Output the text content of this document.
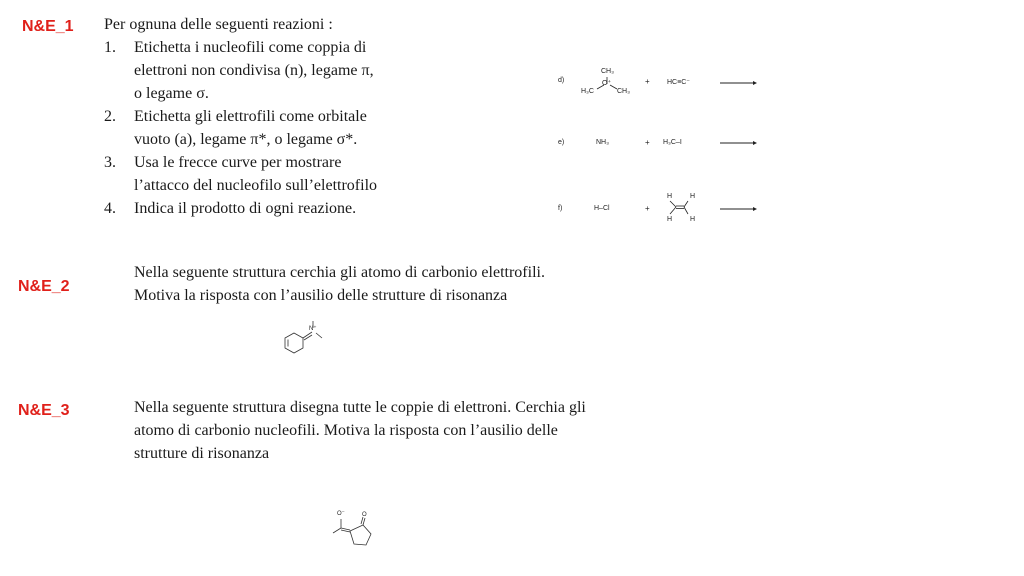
N&E_1 Per ognuna delle seguenti reazioni :
1.	Etichetta i nucleofili come coppia di
elettroni non condivisa (n), legame π,
o legame σ.
2.	Etichetta gli elettrofili come orbitale
vuoto (a), legame π*, o legame σ*.
3.	Usa le frecce curve per mostrare
l’attacco del nucleofilo sull’elettrofilo
4.	Indica il prodotto di ogni reazione.
d)
CH₃
O⁺
H₃C	CH₃
+ HC≡C⁻
e)	NH₃	+ H₃C–I
f)	H–Cl	+
H	H
H	H
N&E_2
Nella seguente struttura cerchia gli atomo di carbonio elettrofili.
Motiva la risposta con l’ausilio delle strutture di risonanza
N⁺
N&E_3	Nella seguente struttura disegna tutte le coppie di elettroni. Cerchia gli
atomo di carbonio nucleofili. Motiva la risposta con l’ausilio delle
strutture di risonanza
O⁻	O
